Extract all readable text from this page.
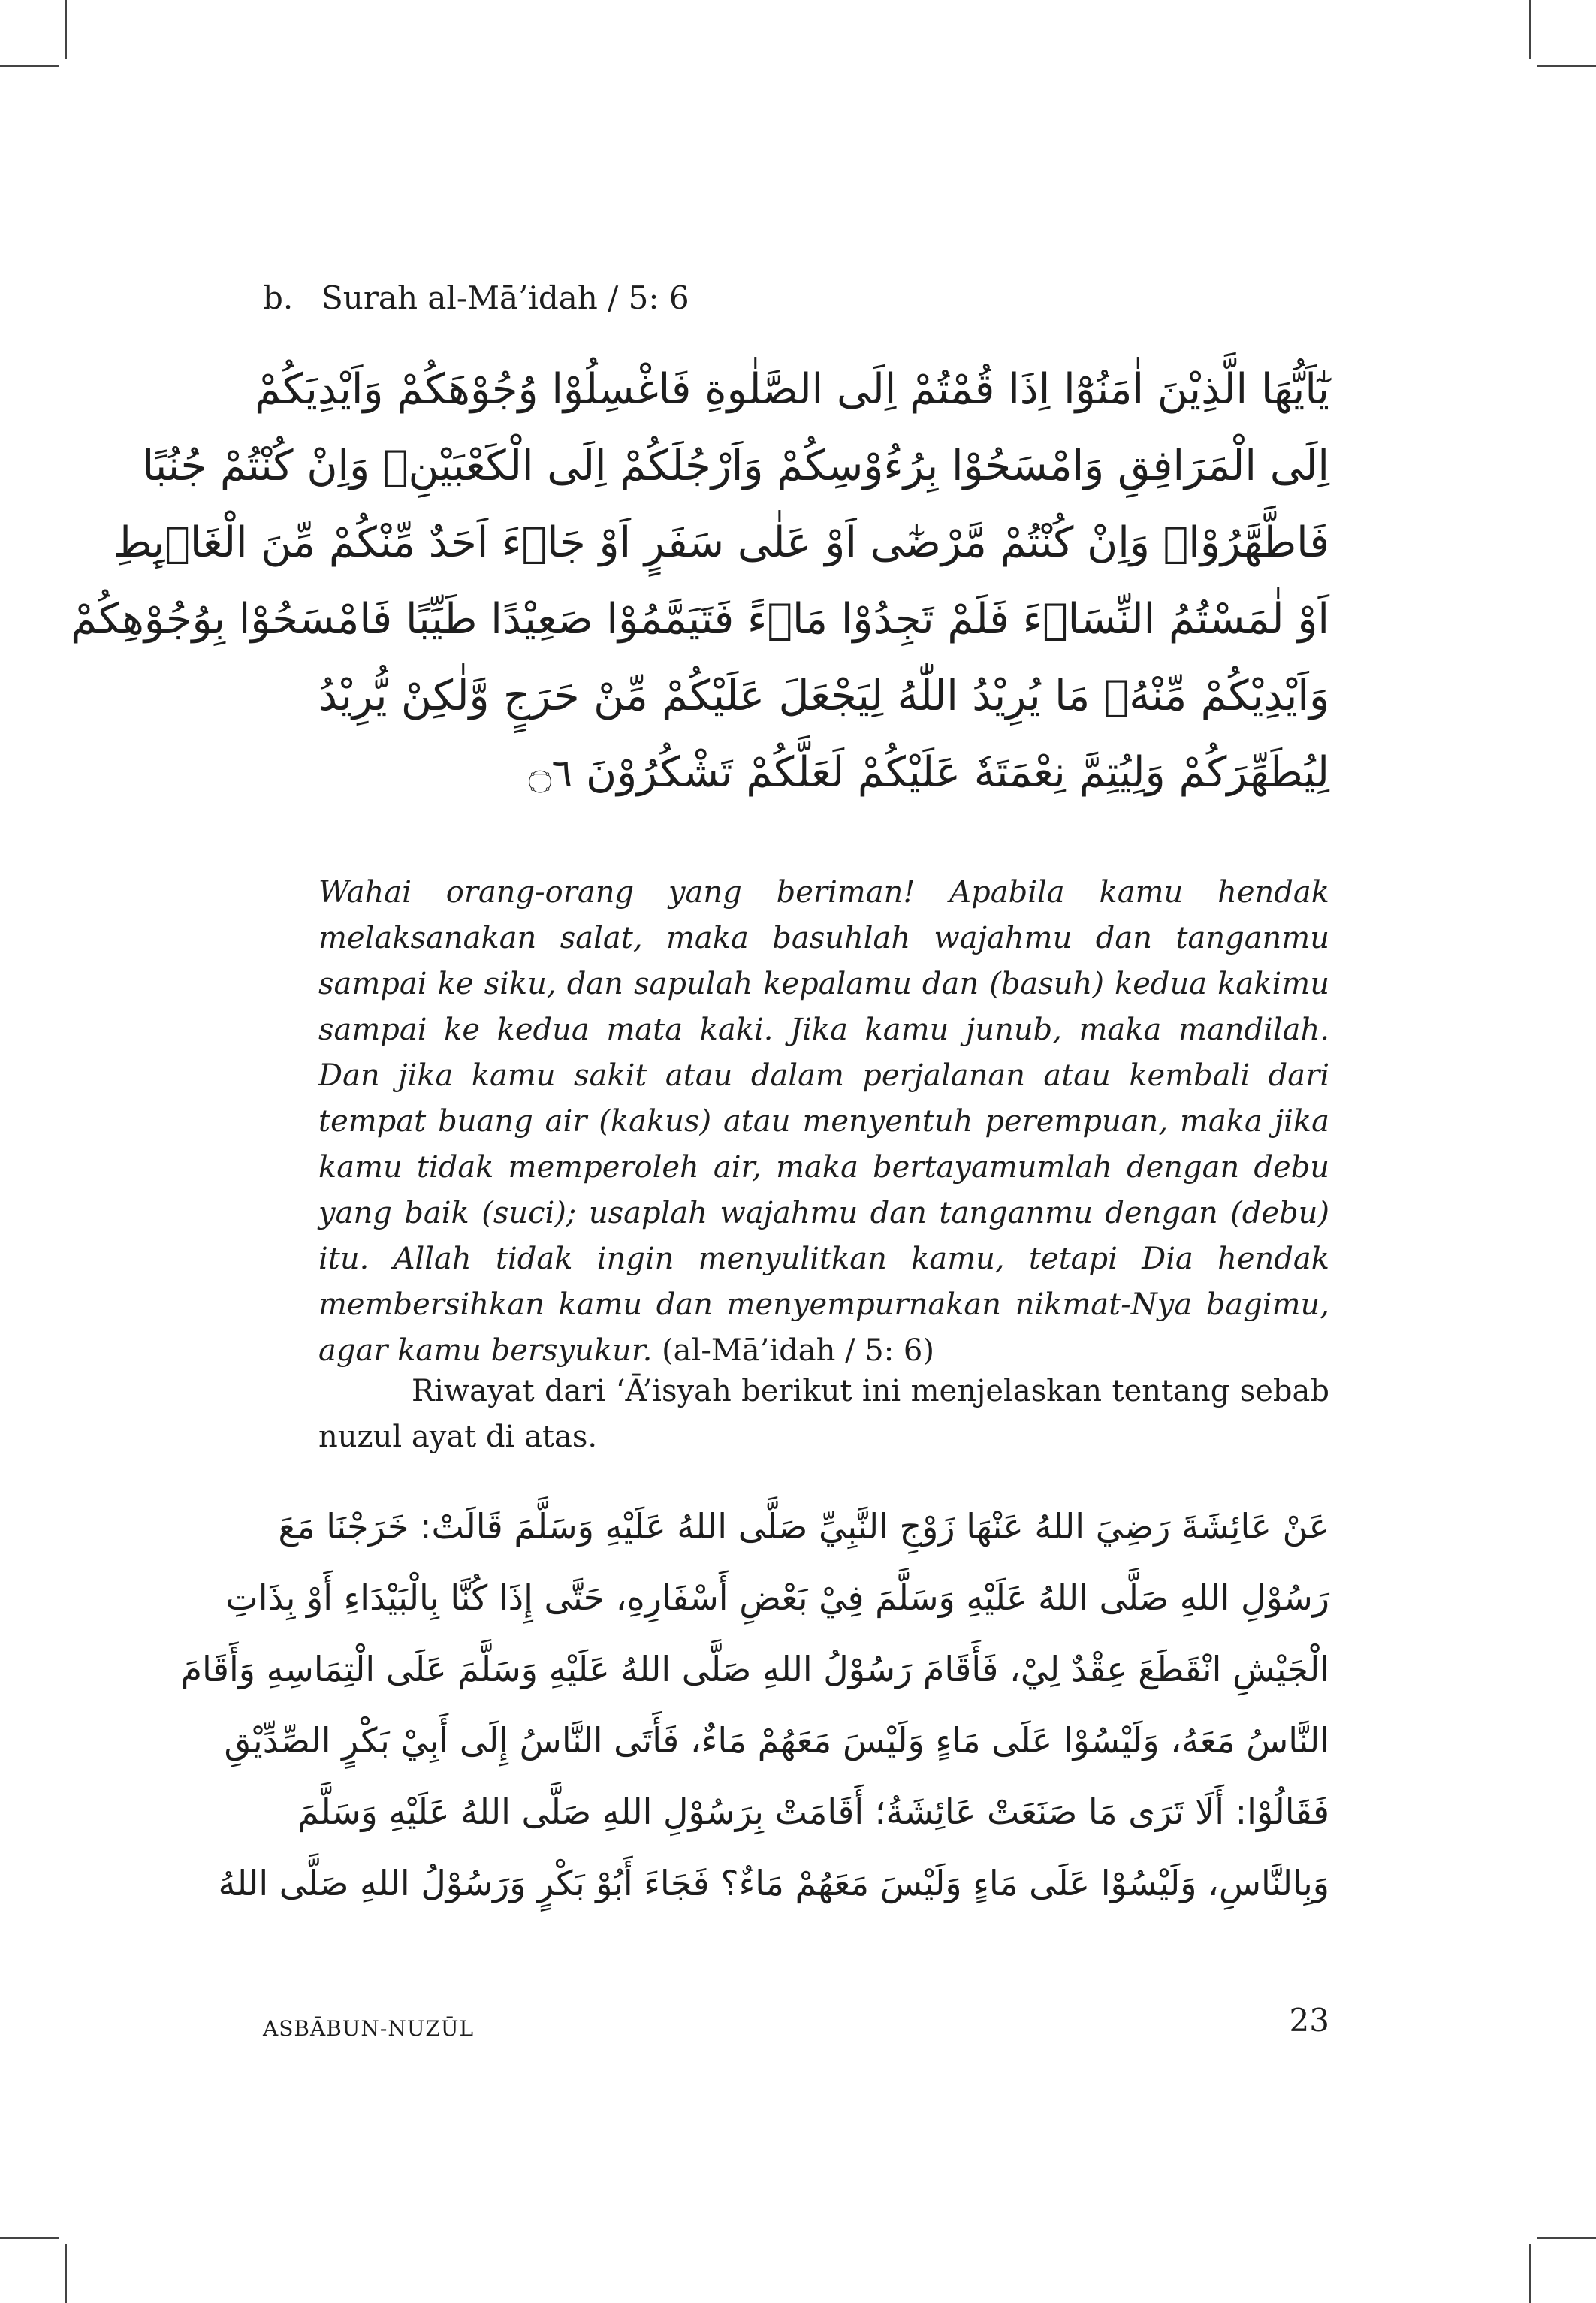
b. Surah al-Mā’idah / 5: 6
يٰٓاَيُّهَا الَّذِيْنَ اٰمَنُوْٓا اِذَا قُمْتُمْ اِلَى الصَّلٰوةِ فَاغْسِلُوْا وُجُوْهَكُمْ وَاَيْدِيَكُمْ
اِلَى الْمَرَافِقِ وَامْسَحُوْا بِرُءُوْسِكُمْ وَاَرْجُلَكُمْ اِلَى الْكَعْبَيْنِۗ وَاِنْ كُنْتُمْ جُنُبًا
فَاطَّهَّرُوْاۗ وَاِنْ كُنْتُمْ مَّرْضٰٓى اَوْ عَلٰى سَفَرٍ اَوْ جَاۤءَ اَحَدٌ مِّنْكُمْ مِّنَ الْغَاۤىِٕطِ
اَوْ لٰمَسْتُمُ النِّسَاۤءَ فَلَمْ تَجِدُوْا مَاۤءً فَتَيَمَّمُوْا صَعِيْدًا طَيِّبًا فَامْسَحُوْا بِوُجُوْهِكُمْ
وَاَيْدِيْكُمْ مِّنْهُۗ مَا يُرِيْدُ اللّٰهُ لِيَجْعَلَ عَلَيْكُمْ مِّنْ حَرَجٍ وَّلٰكِنْ يُّرِيْدُ
لِيُطَهِّرَكُمْ وَلِيُتِمَّ نِعْمَتَهٗ عَلَيْكُمْ لَعَلَّكُمْ تَشْكُرُوْنَ ۝٦

Wahai orang-orang yang beriman! Apabila kamu hendak melaksanakan salat, maka basuhlah wajahmu dan tanganmu sampai ke siku, dan sapulah kepalamu dan (basuh) kedua kakimu sampai ke kedua mata kaki. Jika kamu junub, maka mandilah. Dan jika kamu sakit atau dalam perjalanan atau kembali dari tempat buang air (kakus) atau menyentuh perempuan, maka jika kamu tidak memperoleh air, maka bertayamumlah dengan debu yang baik (suci); usaplah wajahmu dan tanganmu dengan (debu) itu. Allah tidak ingin menyulitkan kamu, tetapi Dia hendak membersihkan kamu dan menyempurnakan nikmat-Nya bagimu, agar kamu bersyukur. (al-Mā’idah / 5: 6)

Riwayat dari ‘Ā’isyah berikut ini menjelaskan tentang sebab nuzul ayat di atas.

عَنْ عَائِشَةَ رَضِيَ اللهُ عَنْهَا زَوْجِ النَّبِيِّ صَلَّى اللهُ عَلَيْهِ وَسَلَّمَ قَالَتْ: خَرَجْنَا مَعَ
رَسُوْلِ اللهِ صَلَّى اللهُ عَلَيْهِ وَسَلَّمَ فِيْ بَعْضِ أَسْفَارِهِ، حَتَّى إِذَا كُنَّا بِالْبَيْدَاءِ أَوْ بِذَاتِ
الْجَيْشِ انْقَطَعَ عِقْدٌ لِيْ، فَأَقَامَ رَسُوْلُ اللهِ صَلَّى اللهُ عَلَيْهِ وَسَلَّمَ عَلَى الْتِمَاسِهِ وَأَقَامَ
النَّاسُ مَعَهُ، وَلَيْسُوْا عَلَى مَاءٍ وَلَيْسَ مَعَهُمْ مَاءٌ، فَأَتَى النَّاسُ إِلَى أَبِيْ بَكْرٍ الصِّدِّيْقِ
فَقَالُوْا: أَلَا تَرَى مَا صَنَعَتْ عَائِشَةُ؛ أَقَامَتْ بِرَسُوْلِ اللهِ صَلَّى اللهُ عَلَيْهِ وَسَلَّمَ
وَبِالنَّاسِ، وَلَيْسُوْا عَلَى مَاءٍ وَلَيْسَ مَعَهُمْ مَاءٌ؟ فَجَاءَ أَبُوْ بَكْرٍ وَرَسُوْلُ اللهِ صَلَّى اللهُ
ASBĀBUN-NUZŪL	23
